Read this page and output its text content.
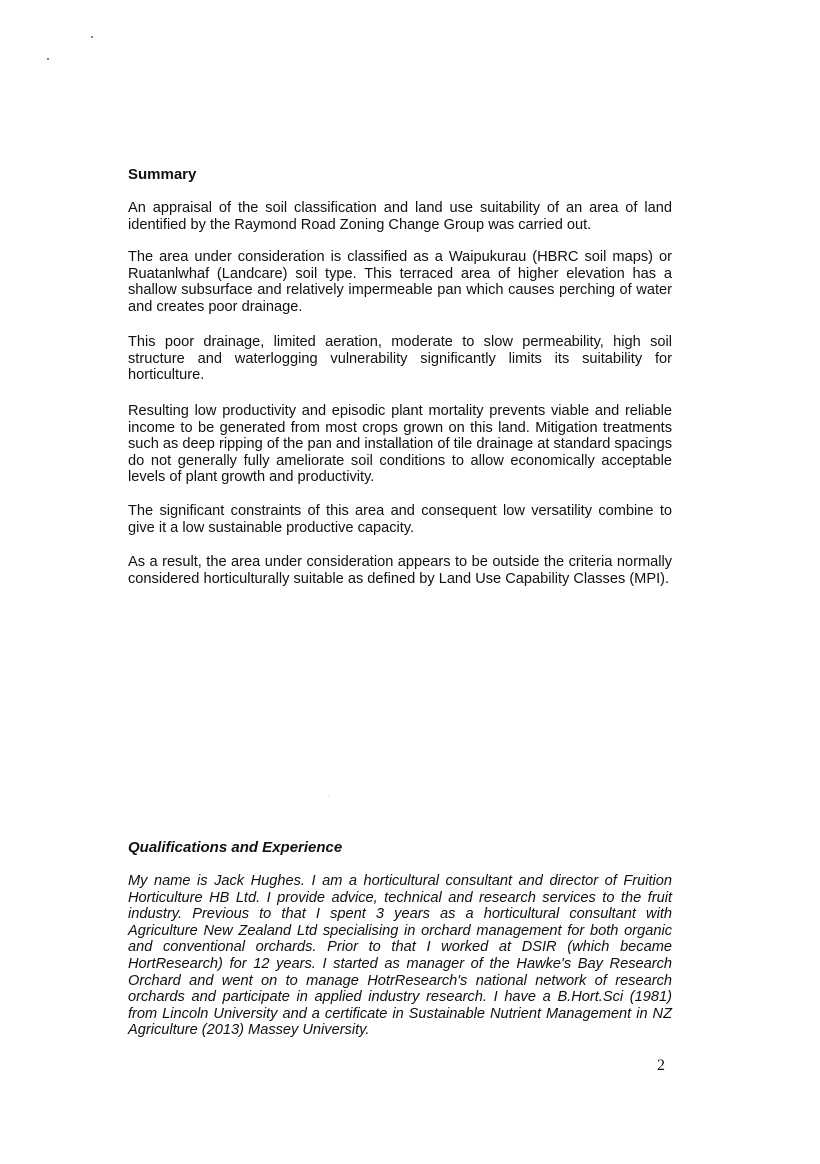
Summary

An appraisal of the soil classification and land use suitability of an area of land identified by the Raymond Road Zoning Change Group was carried out.

The area under consideration is classified as a Waipukurau (HBRC soil maps) or Ruatanlwhaf (Landcare) soil type. This terraced area of higher elevation has a shallow subsurface and relatively impermeable pan which causes perching of water and creates poor drainage.

This poor drainage, limited aeration, moderate to slow permeability, high soil structure and waterlogging vulnerability significantly limits its suitability for horticulture.

Resulting low productivity and episodic plant mortality prevents viable and reliable income to be generated from most crops grown on this land. Mitigation treatments such as deep ripping of the pan and installation of tile drainage at standard spacings do not generally fully ameliorate soil conditions to allow economically acceptable levels of plant growth and productivity.

The significant constraints of this area and consequent low versatility combine to give it a low sustainable productive capacity.

As a result, the area under consideration appears to be outside the criteria normally considered horticulturally suitable as defined by Land Use Capability Classes (MPI).

Qualifications and Experience

My name is Jack Hughes. I am a horticultural consultant and director of Fruition Horticulture HB Ltd. I provide advice, technical and research services to the fruit industry. Previous to that I spent 3 years as a horticultural consultant with Agriculture New Zealand Ltd specialising in orchard management for both organic and conventional orchards. Prior to that I worked at DSIR (which became HortResearch) for 12 years. I started as manager of the Hawke's Bay Research Orchard and went on to manage HotrResearch's national network of research orchards and participate in applied industry research. I have a B.Hort.Sci (1981) from Lincoln University and a certificate in Sustainable Nutrient Management in NZ Agriculture (2013) Massey University.

2
